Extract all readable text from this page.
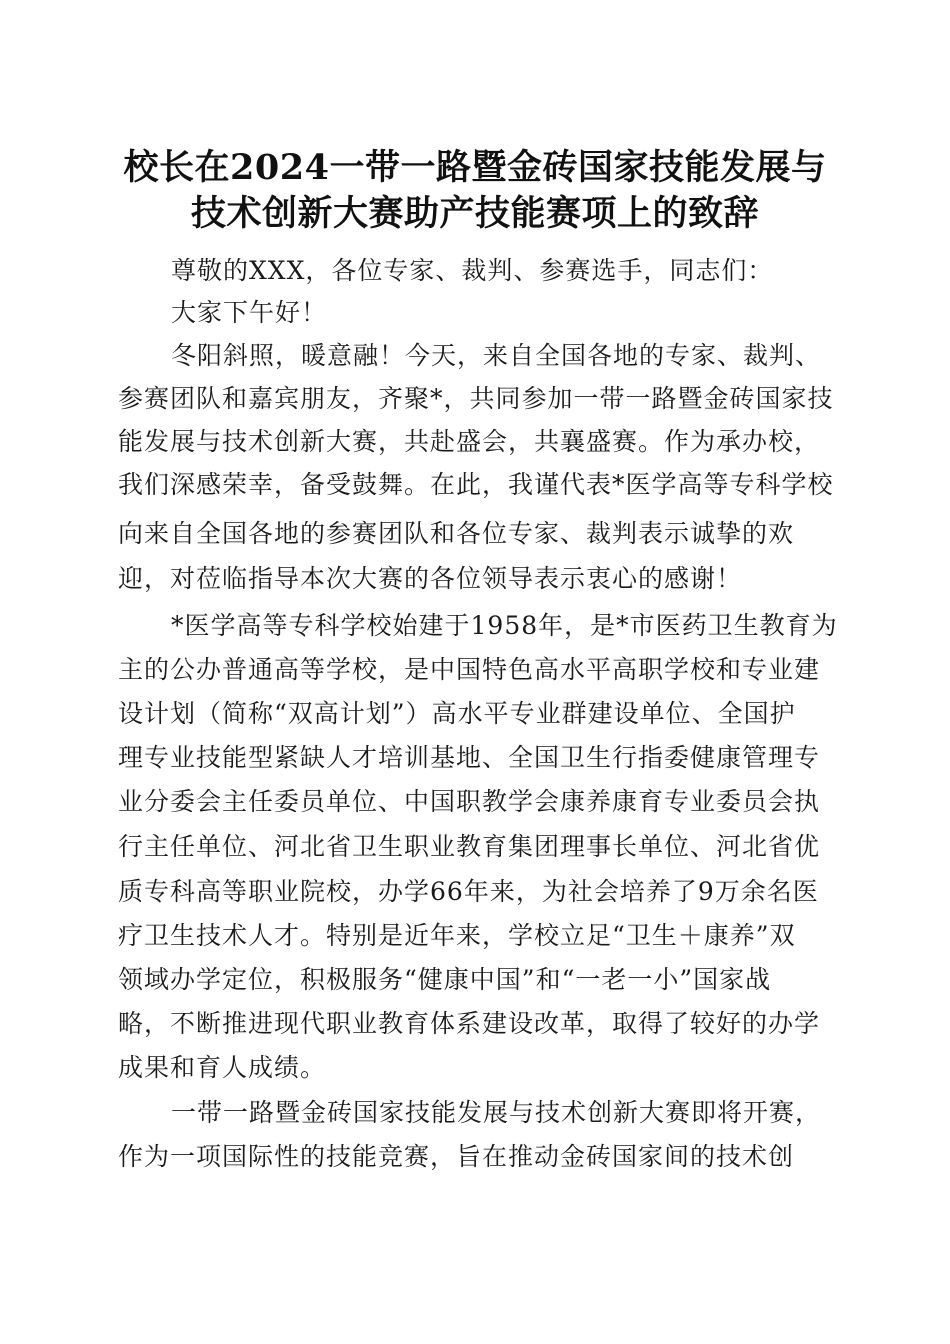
校长在2024一带一路暨金砖国家技能发展与
技术创新大赛助产技能赛项上的致辞
尊敬的XXX，各位专家、裁判、参赛选手，同志们：
大家下午好！
冬阳斜照，暖意融！今天，来自全国各地的专家、裁判、
参赛团队和嘉宾朋友，齐聚*，共同参加一带一路暨金砖国家技
能发展与技术创新大赛，共赴盛会，共襄盛赛。作为承办校，
我们深感荣幸，备受鼓舞。在此，我谨代表*医学高等专科学校
向来自全国各地的参赛团队和各位专家、裁判表示诚挚的欢
迎，对莅临指导本次大赛的各位领导表示衷心的感谢！
*医学高等专科学校始建于1958年，是*市医药卫生教育为
主的公办普通高等学校，是中国特色高水平高职学校和专业建
设计划（简称“双高计划”）高水平专业群建设单位、全国护
理专业技能型紧缺人才培训基地、全国卫生行指委健康管理专
业分委会主任委员单位、中国职教学会康养康育专业委员会执
行主任单位、河北省卫生职业教育集团理事长单位、河北省优
质专科高等职业院校，办学66年来，为社会培养了9万余名医
疗卫生技术人才。特别是近年来，学校立足“卫生＋康养”双
领域办学定位，积极服务“健康中国”和“一老一小”国家战
略，不断推进现代职业教育体系建设改革，取得了较好的办学
成果和育人成绩。
一带一路暨金砖国家技能发展与技术创新大赛即将开赛，
作为一项国际性的技能竞赛，旨在推动金砖国家间的技术创
